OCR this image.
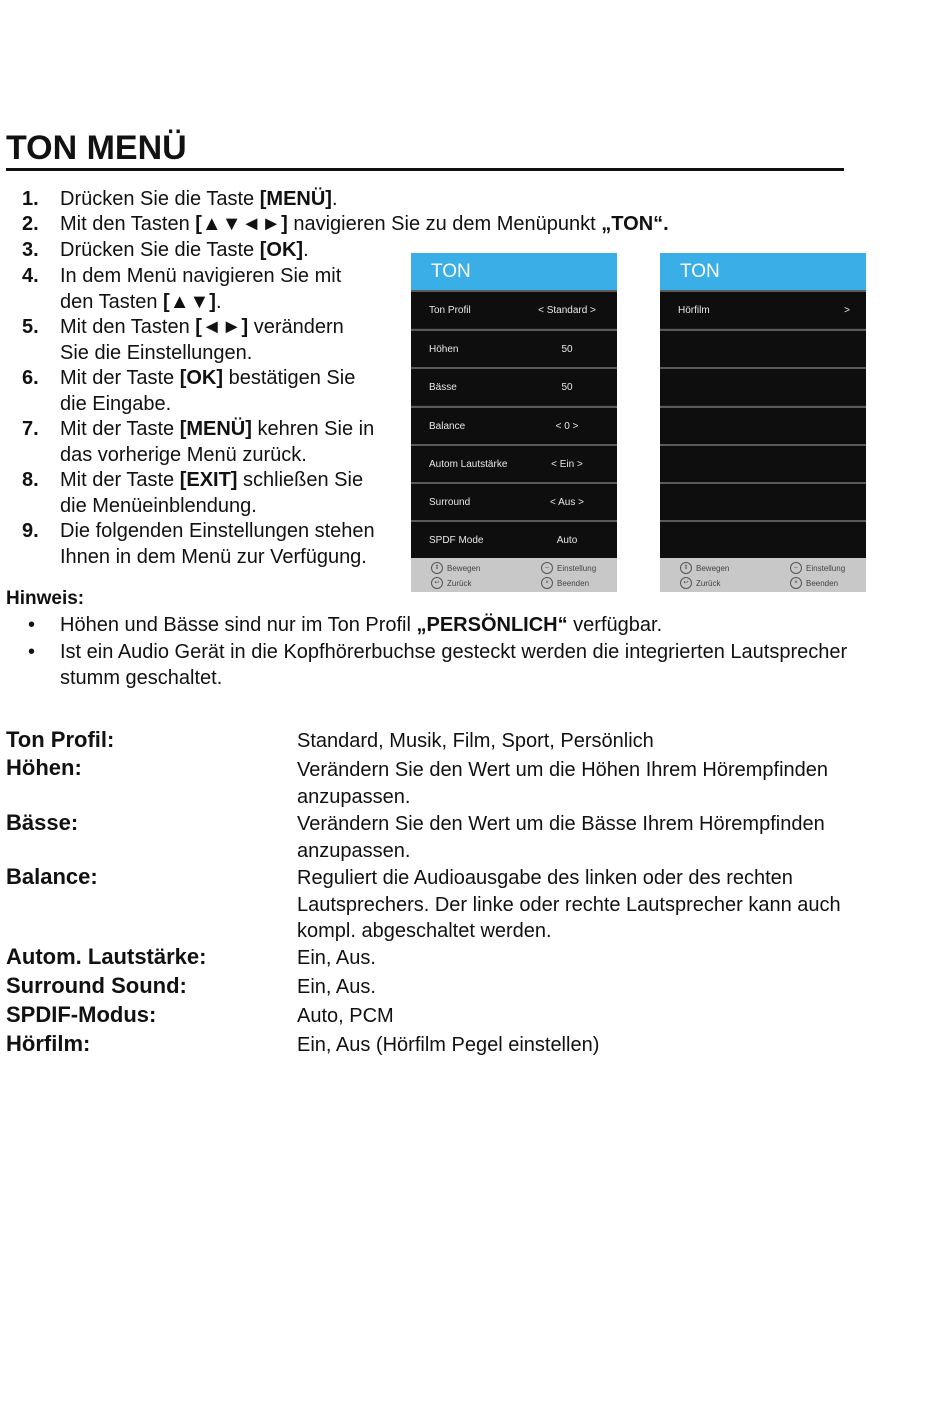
TON MENÜ
1.	Drücken Sie die Taste [MENÜ].
2.	Mit den Tasten [▲▼◄►] navigieren Sie zu dem Menüpunkt „TON“.
3.	Drücken Sie die Taste [OK].
4.	In dem Menü navigieren Sie mit
den Tasten [▲▼].
5.	Mit den Tasten [◄►] verändern
Sie die Einstellungen.
6.	Mit der Taste [OK] bestätigen Sie
die Eingabe.
7.	Mit der Taste [MENÜ] kehren Sie in
das vorherige Menü zurück.
8.	Mit der Taste [EXIT] schließen Sie
die Menüeinblendung.
9.	Die folgenden Einstellungen stehen
Ihnen in dem Menü zur Verfügung.
TON
Ton Profil	< Standard >
Höhen	50
Bässe	50
Balance	< 0 >
Autom Lautstärke	< Ein >
Surround	< Aus >
SPDF Mode	Auto
⇕ Bewegen	⇔ Einstellung
↩ Zurück	×	Beenden
TON
Hörfilm	>
⇕ Bewegen	⇔ Einstellung
↩ Zurück	×	Beenden
Hinweis:
• Höhen und Bässe sind nur im Ton Profil „PERSÖNLICH“ verfügbar.
• Ist ein Audio Gerät in die Kopfhörerbuchse gesteckt werden die integrierten Lautsprecher stumm geschaltet.
Ton Profil:	Standard, Musik, Film, Sport, Persönlich
Höhen:	Verändern Sie den Wert um die Höhen Ihrem Hörempfinden anzupassen.
Bässe:	Verändern Sie den Wert um die Bässe Ihrem Hörempfinden anzupassen.
Balance:	Reguliert die Audioausgabe des linken oder des rechten Lautsprechers. Der linke oder rechte Lautsprecher kann auch kompl. abgeschaltet werden.
Autom. Lautstärke:	Ein, Aus.
Surround Sound:	Ein, Aus.
SPDIF-Modus:	Auto, PCM
Hörfilm:	Ein, Aus (Hörfilm Pegel einstellen)
